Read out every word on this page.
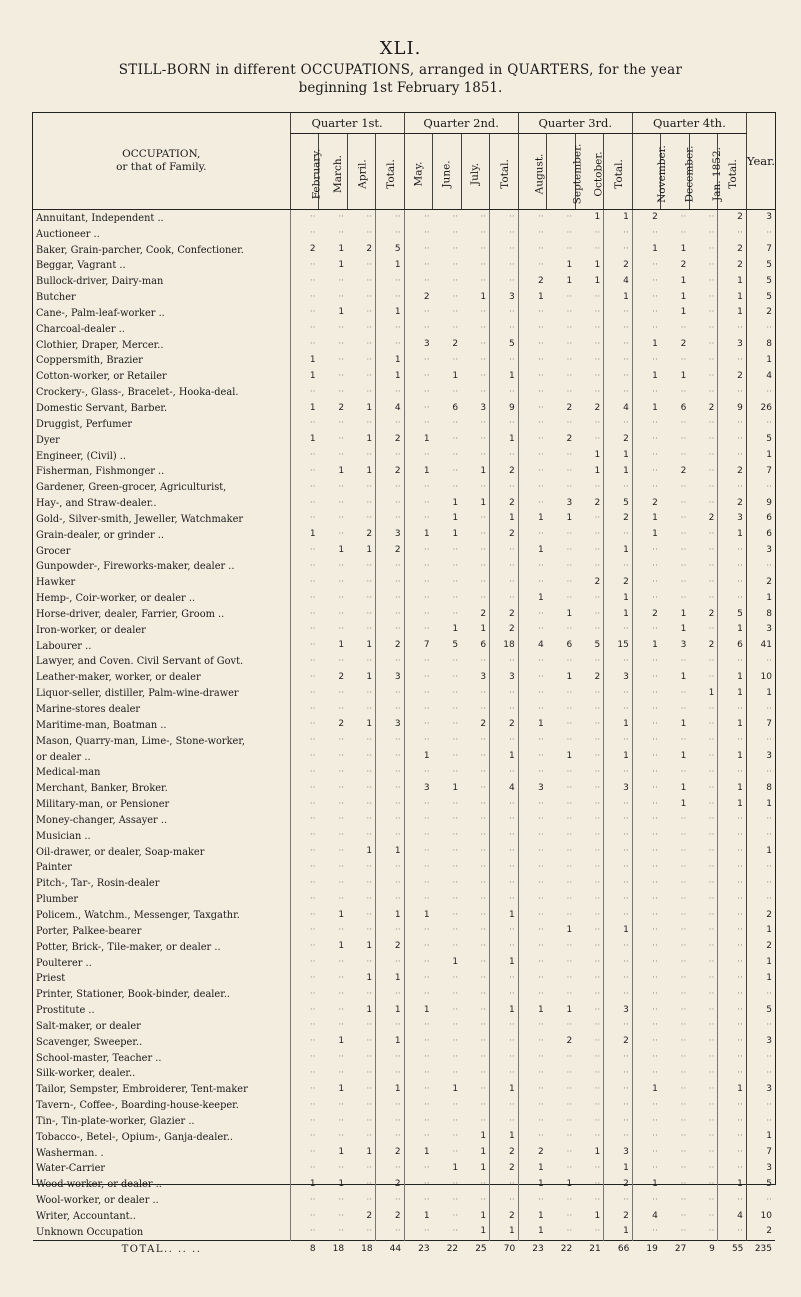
XLI.
STILL-BORN in different OCCUPATIONS, arranged in QUARTERS, for the year
beginning 1st February 1851.
OCCUPATION,
or that of Family.	Quarter 1st.				Quarter 2nd.				Quarter 3rd.				Quarter 4th.				Year.
	February.	March.	April.	Total.	May.	June.	July.	Total.	August.	September.	October.	Total.	November.	December.	Jan. 1852.	Total.	
Annuitant, Independent ..	··	··	··	··	··	··	··	··	··	··	1	1	2	··	··	2	3
Auctioneer ..	··	··	··	··	··	··	··	··	··	··	··	··	··	··	··	··	··
Baker, Grain-parcher, Cook, Confectioner.	2	1	2	5	··	··	··	··	··	··	··	··	1	1	··	2	7
Beggar, Vagrant ..	··	1	··	1	··	··	··	··	··	1	1	2	··	2	··	2	5
Bullock-driver, Dairy-man	··	··	··	··	··	··	··	··	2	1	1	4	··	1	··	1	5
Butcher	··	··	··	··	2	··	1	3	1	··	··	1	··	1	··	1	5
Cane-, Palm-leaf-worker ..	··	1	··	1	··	··	··	··	··	··	··	··	··	1	··	1	2
Charcoal-dealer ..	··	··	··	··	··	··	··	··	··	··	··	··	··	··	··	··	··
Clothier, Draper, Mercer..	··	··	··	··	3	2	··	5	··	··	··	··	1	2	··	3	8
Coppersmith, Brazier	1	··	··	1	··	··	··	··	··	··	··	··	··	··	··	··	1
Cotton-worker, or Retailer	1	··	··	1	··	1	··	1	··	··	··	··	1	1	··	2	4
Crockery-, Glass-, Bracelet-, Hooka-deal.	··	··	··	··	··	··	··	··	··	··	··	··	··	··	··	··	··
Domestic Servant, Barber.	1	2	1	4	··	6	3	9	··	2	2	4	1	6	2	9	26
Druggist, Perfumer	··	··	··	··	··	··	··	··	··	··	··	··	··	··	··	··	··
Dyer	1	··	1	2	1	··	··	1	··	2	··	2	··	··	··	··	5
Engineer, (Civil) ..	··	··	··	··	··	··	··	··	··	··	1	1	··	··	··	··	1
Fisherman, Fishmonger ..	··	1	1	2	1	··	1	2	··	··	1	1	··	2	··	2	7
Gardener, Green-grocer, Agriculturist,	··	··	··	··	··	··	··	··	··	··	··	··	··	··	··	··	··
Hay-, and Straw-dealer..	··	··	··	··	··	1	1	2	··	3	2	5	2	··	··	2	9
Gold-, Silver-smith, Jeweller, Watchmaker	··	··	··	··	··	1	··	1	1	1	··	2	1	··	2	3	6
Grain-dealer, or grinder ..	1	··	2	3	1	1	··	2	··	··	··	··	1	··	··	1	6
Grocer	··	1	1	2	··	··	··	··	1	··	··	1	··	··	··	··	3
Gunpowder-, Fireworks-maker, dealer ..	··	··	··	··	··	··	··	··	··	··	··	··	··	··	··	··	··
Hawker	··	··	··	··	··	··	··	··	··	··	2	2	··	··	··	··	2
Hemp-, Coir-worker, or dealer ..	··	··	··	··	··	··	··	··	1	··	··	1	··	··	··	··	1
Horse-driver, dealer, Farrier, Groom ..	··	··	··	··	··	··	2	2	··	1	··	1	2	1	2	5	8
Iron-worker, or dealer	··	··	··	··	··	1	1	2	··	··	··	··	··	1	··	1	3
Labourer ..	··	1	1	2	7	5	6	18	4	6	5	15	1	3	2	6	41
Lawyer, and Coven. Civil Servant of Govt.	··	··	··	··	··	··	··	··	··	··	··	··	··	··	··	··	··
Leather-maker, worker, or dealer	··	2	1	3	··	··	3	3	··	1	2	3	··	1	··	1	10
Liquor-seller, distiller, Palm-wine-drawer	··	··	··	··	··	··	··	··	··	··	··	··	··	··	1	1	1
Marine-stores dealer	··	··	··	··	··	··	··	··	··	··	··	··	··	··	··	··	··
Maritime-man, Boatman ..	··	2	1	3	··	··	2	2	1	··	··	1	··	1	··	1	7
Mason, Quarry-man, Lime-, Stone-worker,	··	··	··	··	··	··	··	··	··	··	··	··	··	··	··	··	··
or dealer ..	··	··	··	··	1	··	··	1	··	1	··	1	··	1	··	1	3
Medical-man	··	··	··	··	··	··	··	··	··	··	··	··	··	··	··	··	··
Merchant, Banker, Broker.	··	··	··	··	3	1	··	4	3	··	··	3	··	1	··	1	8
Military-man, or Pensioner	··	··	··	··	··	··	··	··	··	··	··	··	··	1	··	1	1
Money-changer, Assayer ..	··	··	··	··	··	··	··	··	··	··	··	··	··	··	··	··	··
Musician ..	··	··	··	··	··	··	··	··	··	··	··	··	··	··	··	··	··
Oil-drawer, or dealer, Soap-maker	··	··	1	1	··	··	··	··	··	··	··	··	··	··	··	··	1
Painter	··	··	··	··	··	··	··	··	··	··	··	··	··	··	··	··	··
Pitch-, Tar-, Rosin-dealer	··	··	··	··	··	··	··	··	··	··	··	··	··	··	··	··	··
Plumber	··	··	··	··	··	··	··	··	··	··	··	··	··	··	··	··	··
Policem., Watchm., Messenger, Taxgathr.	··	1	··	1	1	··	··	1	··	··	··	··	··	··	··	··	2
Porter, Palkee-bearer	··	··	··	··	··	··	··	··	··	1	··	1	··	··	··	··	1
Potter, Brick-, Tile-maker, or dealer ..	··	1	1	2	··	··	··	··	··	··	··	··	··	··	··	··	2
Poulterer ..	··	··	··	··	··	1	··	1	··	··	··	··	··	··	··	··	1
Priest	··	··	1	1	··	··	··	··	··	··	··	··	··	··	··	··	1
Printer, Stationer, Book-binder, dealer..	··	··	··	··	··	··	··	··	··	··	··	··	··	··	··	··	··
Prostitute ..	··	··	1	1	1	··	··	1	1	1	··	3	··	··	··	··	5
Salt-maker, or dealer	··	··	··	··	··	··	··	··	··	··	··	··	··	··	··	··	··
Scavenger, Sweeper..	··	1	··	1	··	··	··	··	··	2	··	2	··	··	··	··	3
School-master, Teacher ..	··	··	··	··	··	··	··	··	··	··	··	··	··	··	··	··	··
Silk-worker, dealer..	··	··	··	··	··	··	··	··	··	··	··	··	··	··	··	··	··
Tailor, Sempster, Embroiderer, Tent-maker	··	1	··	1	··	1	··	1	··	··	··	··	1	··	··	1	3
Tavern-, Coffee-, Boarding-house-keeper.	··	··	··	··	··	··	··	··	··	··	··	··	··	··	··	··	··
Tin-, Tin-plate-worker, Glazier ..	··	··	··	··	··	··	··	··	··	··	··	··	··	··	··	··	··
Tobacco-, Betel-, Opium-, Ganja-dealer..	··	··	··	··	··	··	1	1	··	··	··	··	··	··	··	··	1
Washerman. .	··	1	1	2	1	··	1	2	2	··	1	3	··	··	··	··	7
Water-Carrier	··	··	··	··	··	1	1	2	1	··	··	1	··	··	··	··	3
Wood-worker, or dealer ..	1	1	··	2	··	··	··	··	1	1	··	2	1	··	··	1	5
Wool-worker, or dealer ..	··	··	··	··	··	··	··	··	··	··	··	··	··	··	··	··	··
Writer, Accountant..	··	··	2	2	1	··	1	2	1	··	1	2	4	··	··	4	10
Unknown Occupation	··	··	··	··	··	··	1	1	1	··	··	1	··	··	··	··	2
TOTAL.. .. ..	8	18	18	44	23	22	25	70	23	22	21	66	19	27	9	55	235
